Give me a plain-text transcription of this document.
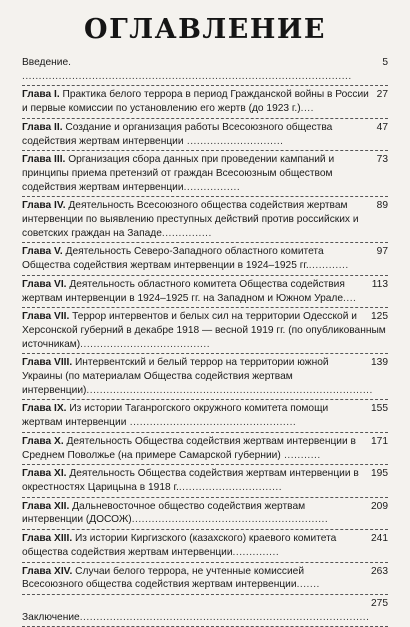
ОГЛАВЛЕНИЕ
5
Введение. ...................................................................................................
27
Глава I. Практика белого террора в период Гражданской войны в России и первые комиссии по установлению его жертв (до 1923 г.)....
47
Глава II. Создание и организация работы Всесоюзного общества содействия жертвам интервенции .............................
73
Глава III. Организация сбора данных при проведении кампаний и принципы приема претензий от граждан Всесоюзным обществом содействия жертвам интервенции.................
89
Глава IV. Деятельность Всесоюзного общества содействия жертвам интервенции по выявлению преступных действий против российских и советских граждан на Западе...............
97
Глава V. Деятельность Северо-Западного областного комитета Общества содействия жертвам интервенции в 1924–1925 гг.............
113
Глава VI. Деятельность областного комитета Общества содействия жертвам интервенции в 1924–1925 гг. на Западном и Южном Урале....
125
Глава VII. Террор интервентов и белых сил на территории Одесской и Херсонской губерний в декабре 1918 — весной 1919 гг. (по опубликованным источникам).......................................
139
Глава VIII. Интервентский и белый террор на территории южной Украины (по материалам Общества содействия жертвам интервенции)......................................................................................
155
Глава IX. Из истории Таганрогского окружного комитета помощи жертвам интервенции ..................................................
171
Глава X. Деятельность Общества содействия жертвам интервенции в Среднем Поволжье (на примере Самарской губернии) ...........
195
Глава XI. Деятельность Общества содействия жертвам интервенции в окрестностях Царицына в 1918 г................................
209
Глава XII. Дальневосточное общество содействия жертвам интервенции (ДОСОЖ)...........................................................
241
Глава XIII. Из истории Киргизского (казахского) краевого комитета общества содействия жертвам интервенции..............
263
Глава XIV. Случаи белого террора, не учтенные комиссией Всесоюзного общества содействия жертвам интервенции.......
275
Заключение.......................................................................................
